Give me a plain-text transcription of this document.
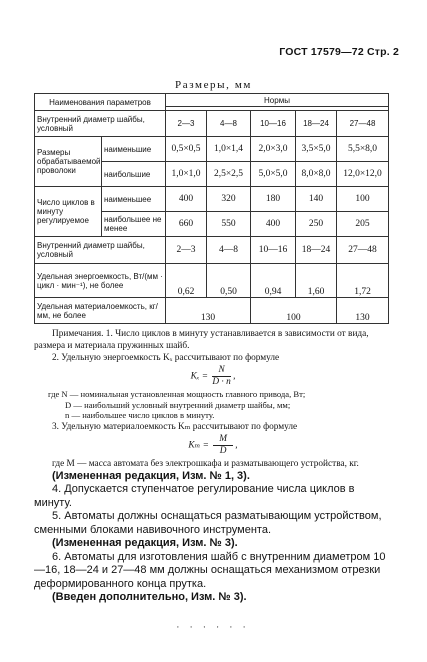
ГОСТ 17579—72 Стр. 2
Размеры, мм
Наименования параметров		Нормы				

Внутренний диаметр шайбы, условный		2—3	4—8	10—16	18—24	27—48
Размеры обрабатываемой проволоки	наименьшие	0,5×0,5	1,0×1,4	2,0×3,0	3,5×5,0	5,5×8,0
	наибольшие	1,0×1,0	2,5×2,5	5,0×5,0	8,0×8,0	12,0×12,0
Число циклов в минуту регулируемое	наименьшее	400	320	180	140	100
	наибольшее не менее	660	550	400	250	205
Внутренний диаметр шайбы, условный		2—3	4—8	10—16	18—24	27—48
Удельная энергоемкость, Вт/(мм · цикл · мин⁻¹), не более		0,62	0,50	0,94	1,60	1,72
Удельная материалоемкость, кг/мм, не более		130		100		130

Примечания. 1. Число циклов в минуту устанавливается в зависимости от вида, размера и материала пружинных шайб.

2. Удельную энергоемкость Kₓ рассчитывают по формуле

$K_x = \frac{N}{D \cdot n}$ ,
где N — номинальная установленная мощность главного привода, Вт;
D — наибольший условный внутренний диаметр шайбы, мм;
n — наибольшее число циклов в минуту.

3. Удельную материалоемкость Kₘ рассчитывают по формуле

$K_m = \frac{M}{D}$ ,

где M — масса автомата без электрошкафа и разматывающего устройства, кг.

(Измененная редакция, Изм. № 1, 3).

4. Допускается ступенчатое регулирование числа циклов в минуту.

5. Автоматы должны оснащаться разматывающим устройством, сменными блоками навивочного инструмента.

(Измененная редакция, Изм. № 3).

6. Автоматы для изготовления шайб с внутренним диаметром 10—16, 18—24 и 27—48 мм должны оснащаться механизмом отрезки деформированного конца прутка.

(Введен дополнительно, Изм. № 3).

· · · · · ·
